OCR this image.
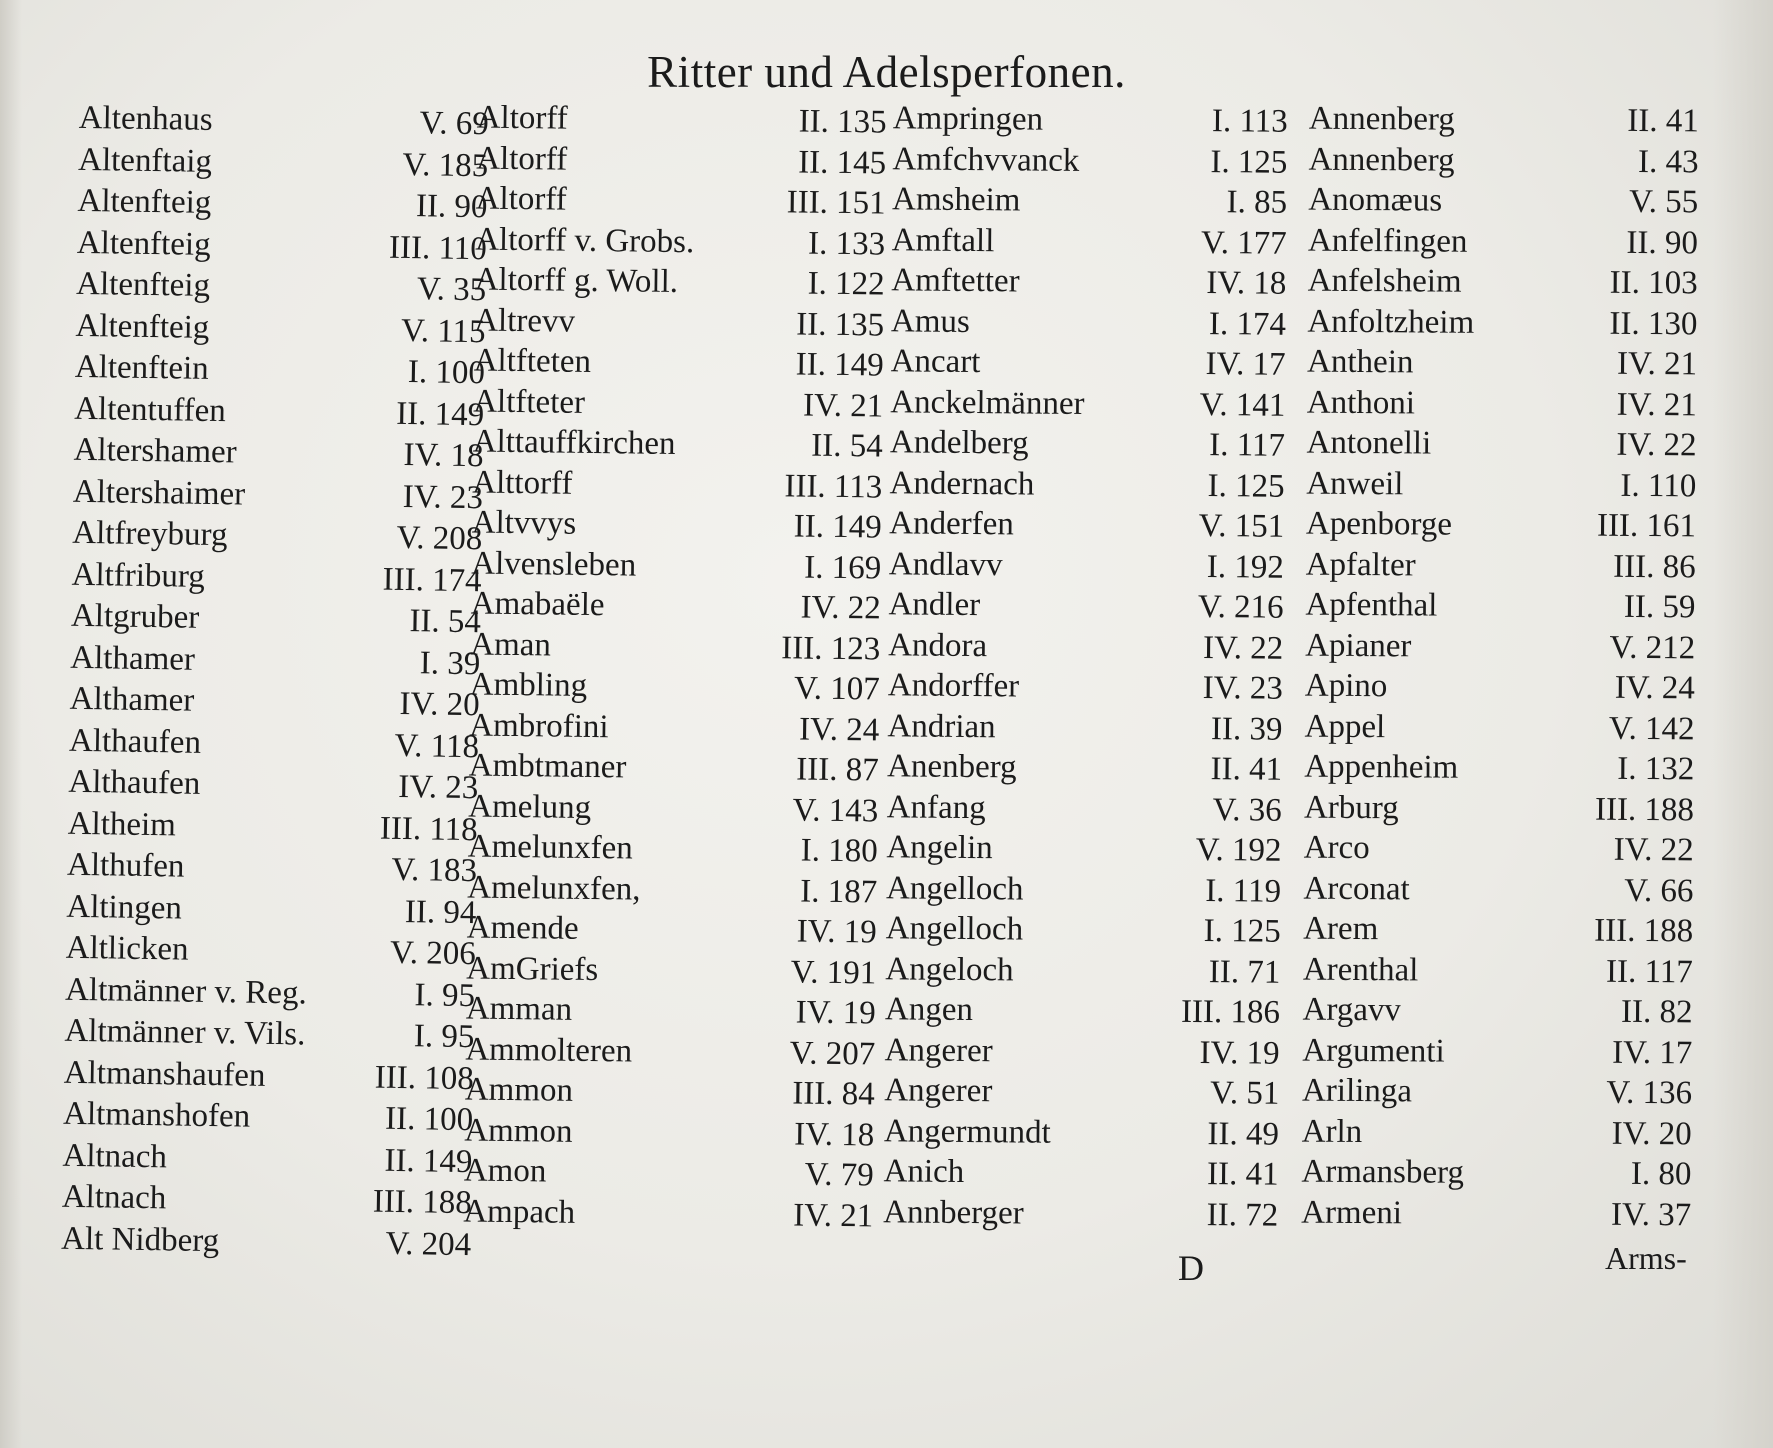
Ritter und Adelsperfonen.
Altenhaus	V. 69
Altenftaig	V. 185
Altenfteig	II. 90
Altenfteig	III. 110
Altenfteig	V. 35
Altenfteig	V. 115
Altenftein	I. 100
Altentuffen	II. 149
Altershamer	IV. 18
Altershaimer	IV. 23
Altfreyburg	V. 208
Altfriburg	III. 174
Altgruber	II. 54
Althamer	I. 39
Althamer	IV. 20
Althaufen	V. 118
Althaufen	IV. 23
Altheim	III. 118
Althufen	V. 183
Altingen	II. 94
Altlicken	V. 206
Altmänner v. Reg.	I. 95
Altmänner v. Vils.	I. 95
Altmanshaufen	III. 108
Altmanshofen	II. 100
Altnach	II. 149
Altnach	III. 188
Alt Nidberg	V. 204
Altorff	II. 135
Altorff	II. 145
Altorff	III. 151
Altorff v. Grobs.	I. 133
Altorff g. Woll.	I. 122
Altrevv	II. 135
Altfteten	II. 149
Altfteter	IV. 21
Alttauffkirchen	II. 54
Alttorff	III. 113
Altvvys	II. 149
Alvensleben	I. 169
Amabaële	IV. 22
Aman	III. 123
Ambling	V. 107
Ambrofini	IV. 24
Ambtmaner	III. 87
Amelung	V. 143
Amelunxfen	I. 180
Amelunxfen,	I. 187
Amende	IV. 19
AmGriefs	V. 191
Amman	IV. 19
Ammolteren	V. 207
Ammon	III. 84
Ammon	IV. 18
Amon	V. 79
Ampach	IV. 21
Ampringen	I. 113
Amfchvvanck	I. 125
Amsheim	I. 85
Amftall	V. 177
Amftetter	IV. 18
Amus	I. 174
Ancart	IV. 17
Anckelmänner	V. 141
Andelberg	I. 117
Andernach	I. 125
Anderfen	V. 151
Andlavv	I. 192
Andler	V. 216
Andora	IV. 22
Andorffer	IV. 23
Andrian	II. 39
Anenberg	II. 41
Anfang	V. 36
Angelin	V. 192
Angelloch	I. 119
Angelloch	I. 125
Angeloch	II. 71
Angen	III. 186
Angerer	IV. 19
Angerer	V. 51
Angermundt	II. 49
Anich	II. 41
Annberger	II. 72
Annenberg	II. 41
Annenberg	I. 43
Anomæus	V. 55
Anfelfingen	II. 90
Anfelsheim	II. 103
Anfoltzheim	II. 130
Anthein	IV. 21
Anthoni	IV. 21
Antonelli	IV. 22
Anweil	I. 110
Apenborge	III. 161
Apfalter	III. 86
Apfenthal	II. 59
Apianer	V. 212
Apino	IV. 24
Appel	V. 142
Appenheim	I. 132
Arburg	III. 188
Arco	IV. 22
Arconat	V. 66
Arem	III. 188
Arenthal	II. 117
Argavv	II. 82
Argumenti	IV. 17
Arilinga	V. 136
Arln	IV. 20
Armansberg	I. 80
Armeni	IV. 37
D	Arms-
